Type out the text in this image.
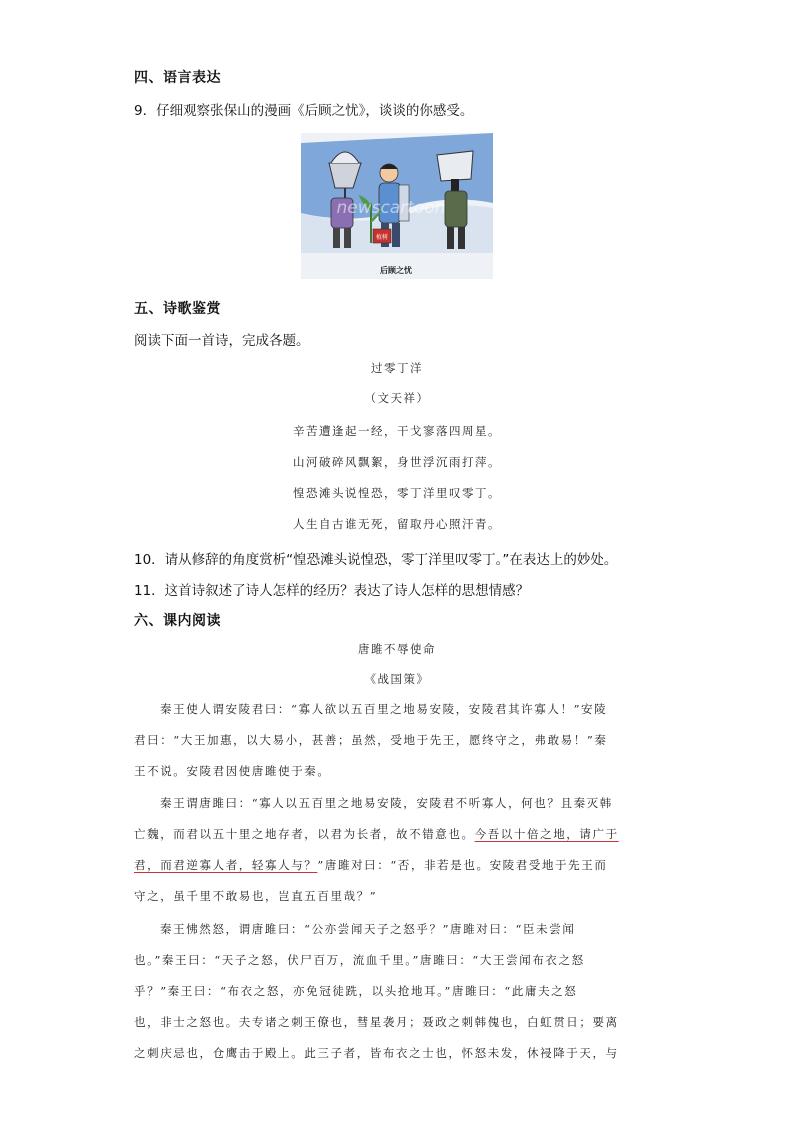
四、语言表达
9．仔细观察张保山的漫画《后顾之忧》，谈谈的你感受。
植树
newscartoon
后顾之忧
五、诗歌鉴赏
阅读下面一首诗，完成各题。
过零丁洋
（文天祥）
辛苦遭逢起一经，干戈寥落四周星。
山河破碎风飘絮，身世浮沉雨打萍。
惶恐滩头说惶恐，零丁洋里叹零丁。
人生自古谁无死，留取丹心照汗青。
10．请从修辞的角度赏析“惶恐滩头说惶恐，零丁洋里叹零丁。”在表达上的妙处。
11．这首诗叙述了诗人怎样的经历？表达了诗人怎样的思想情感？
六、课内阅读
唐雎不辱使命
《战国策》
秦王使人谓安陵君曰：“寡人欲以五百里之地易安陵，安陵君其许寡人！”安陵
君曰：“大王加惠，以大易小，甚善；虽然，受地于先王，愿终守之，弗敢易！”秦
王不说。安陵君因使唐雎使于秦。
秦王谓唐雎曰：“寡人以五百里之地易安陵，安陵君不听寡人，何也？且秦灭韩
亡魏，而君以五十里之地存者，以君为长者，故不错意也。今吾以十倍之地，请广于
君，而君逆寡人者，轻寡人与？”唐雎对曰：“否，非若是也。安陵君受地于先王而
守之，虽千里不敢易也，岂直五百里哉？”
秦王怫然怒，谓唐雎曰：“公亦尝闻天子之怒乎？”唐雎对曰：“臣未尝闻
也。”秦王曰：“天子之怒，伏尸百万，流血千里。”唐雎曰：“大王尝闻布衣之怒
乎？”秦王曰：“布衣之怒，亦免冠徒跣，以头抢地耳。”唐雎曰：“此庸夫之怒
也，非士之怒也。夫专诸之刺王僚也，彗星袭月；聂政之刺韩傀也，白虹贯日；要离
之刺庆忌也，仓鹰击于殿上。此三子者，皆布衣之士也，怀怒未发，休祲降于天，与
